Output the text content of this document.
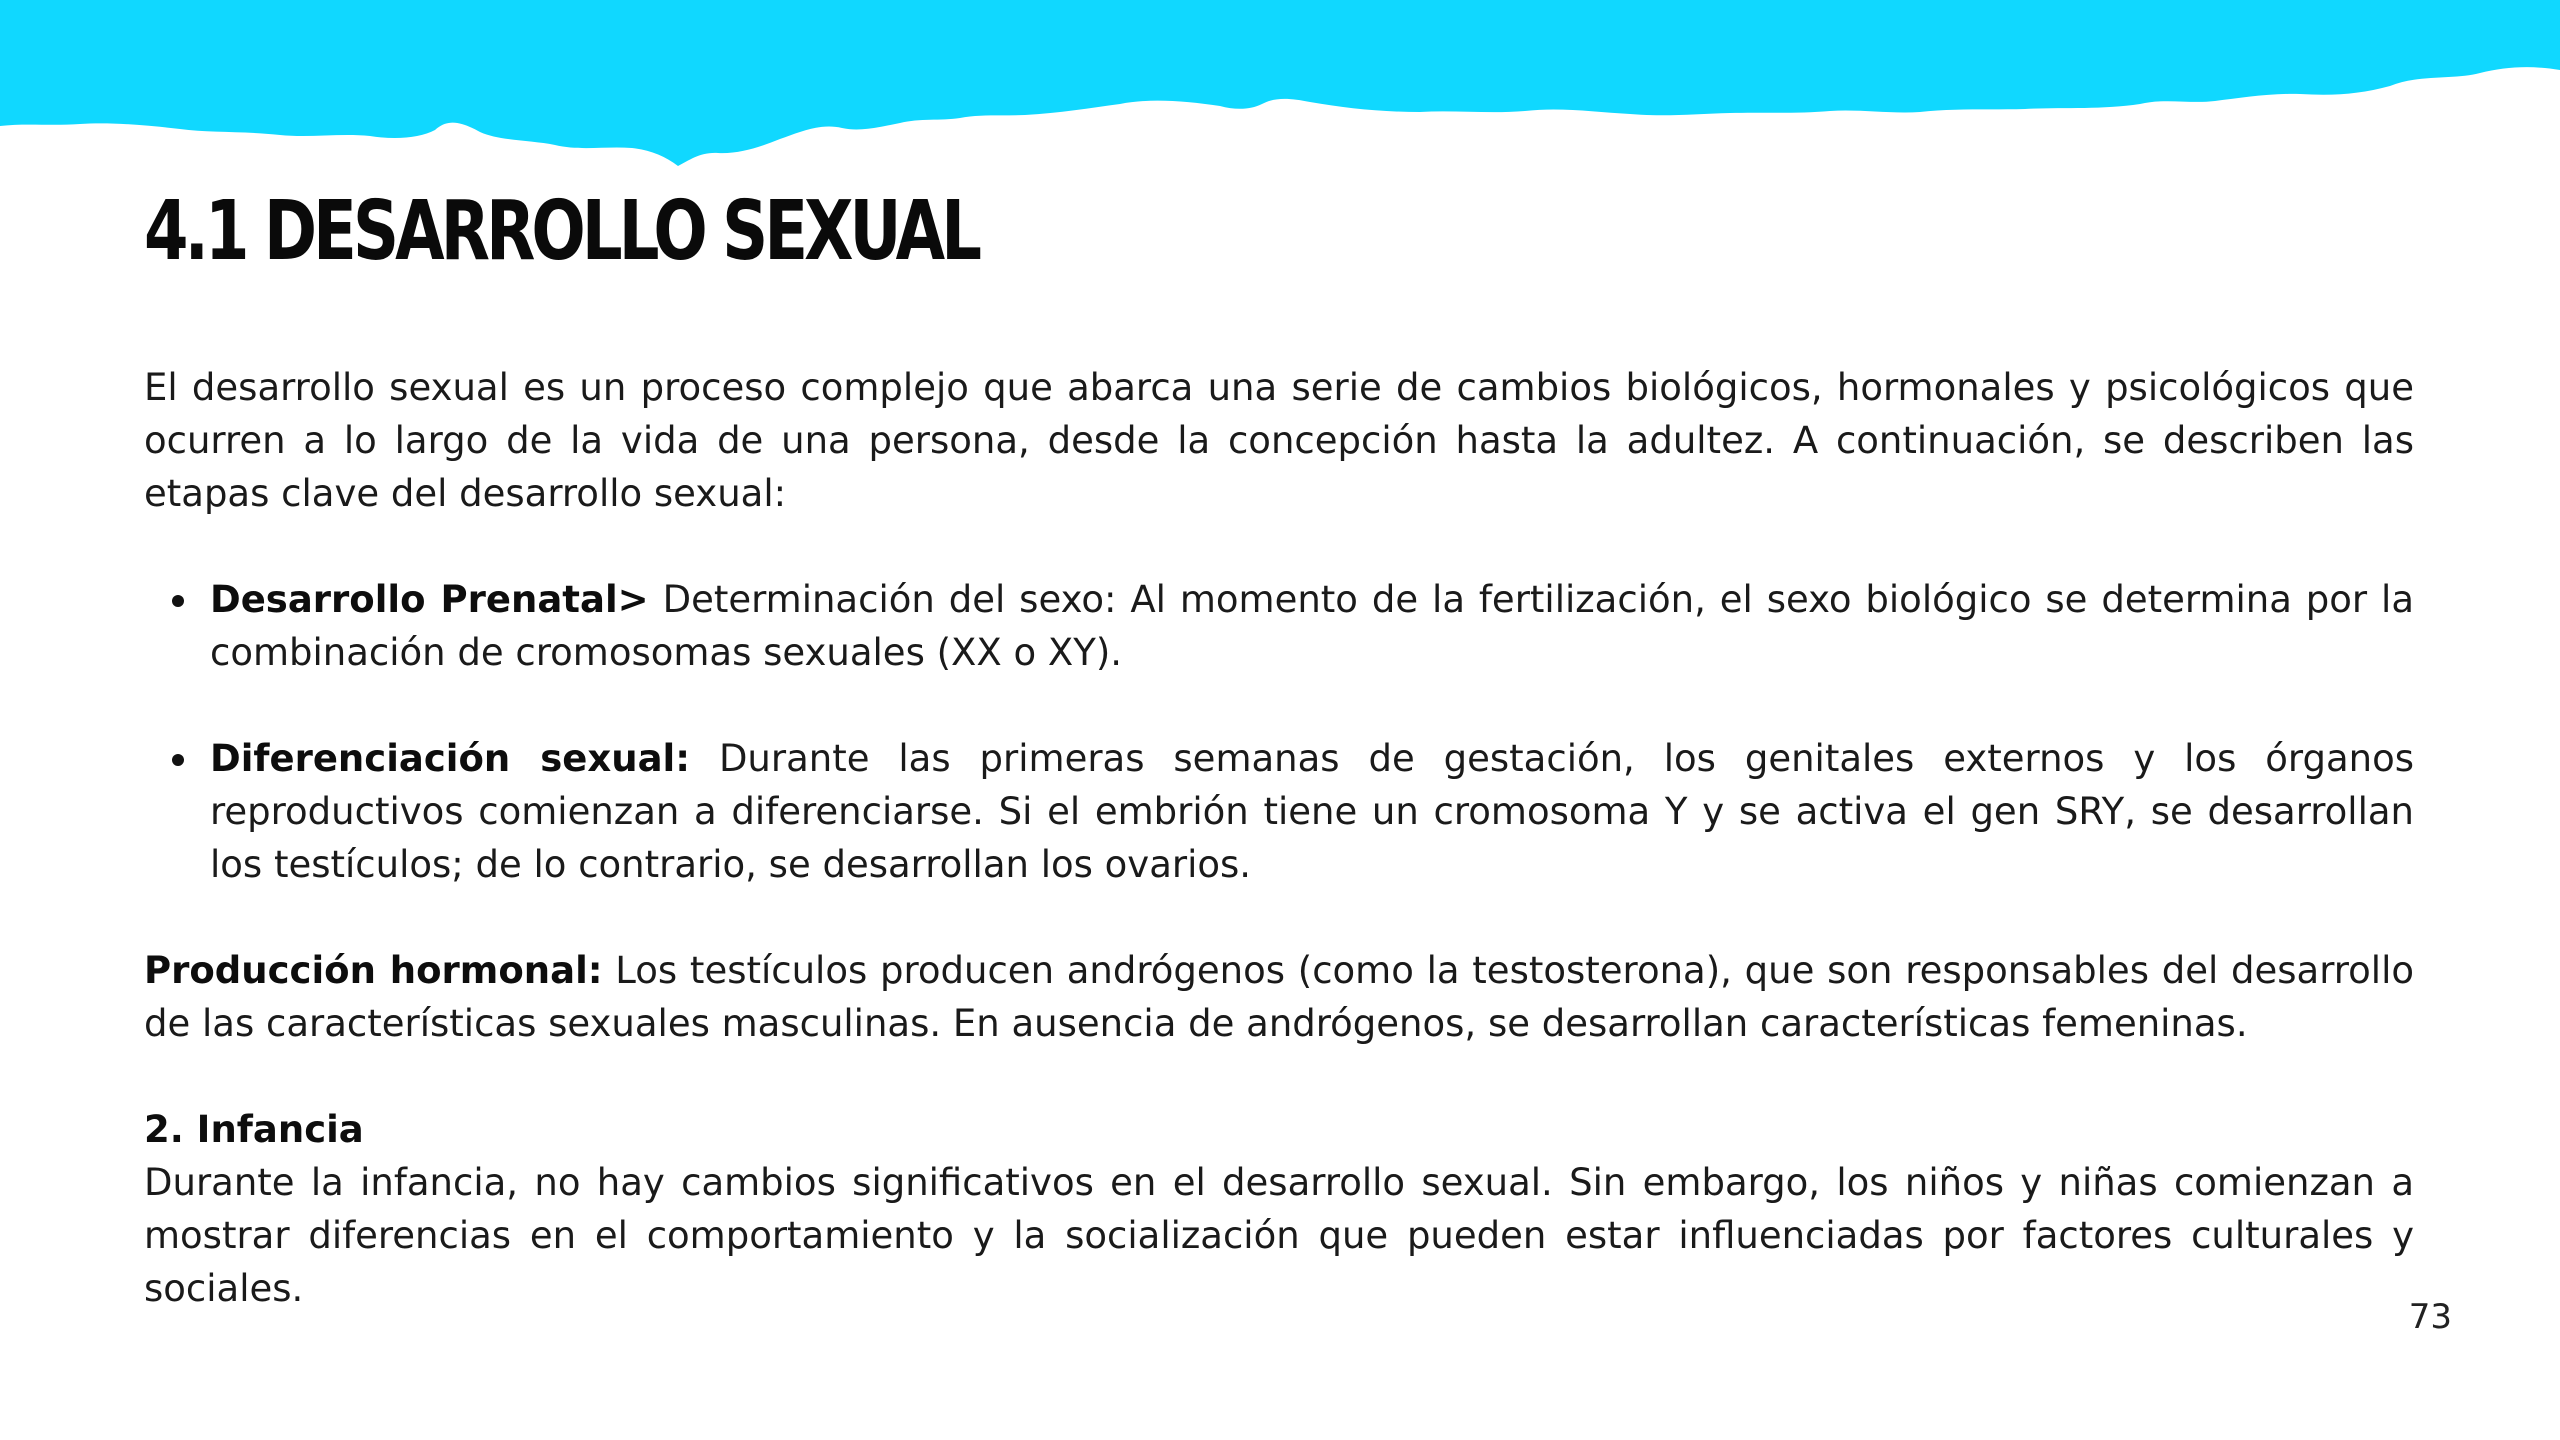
4.1 DESARROLLO SEXUAL

El desarrollo sexual es un proceso complejo que abarca una serie de cambios biológicos, hormonales y psicológicos que ocurren a lo largo de la vida de una persona, desde la concepción hasta la adultez. A continuación, se describen las etapas clave del desarrollo sexual:

Desarrollo Prenatal> Determinación del sexo: Al momento de la fertilización, el sexo biológico se determina por la combinación de cromosomas sexuales (XX o XY).
Diferenciación sexual: Durante las primeras semanas de gestación, los genitales externos y los órganos reproductivos comienzan a diferenciarse. Si el embrión tiene un cromosoma Y y se activa el gen SRY, se desarrollan los testículos; de lo contrario, se desarrollan los ovarios.

Producción hormonal: Los testículos producen andrógenos (como la testosterona), que son responsables del desarrollo de las características sexuales masculinas. En ausencia de andrógenos, se desarrollan características femeninas.

2. Infancia

Durante la infancia, no hay cambios significativos en el desarrollo sexual. Sin embargo, los niños y niñas comienzan a mostrar diferencias en el comportamiento y la socialización que pueden estar influenciadas por factores culturales y sociales.

73
